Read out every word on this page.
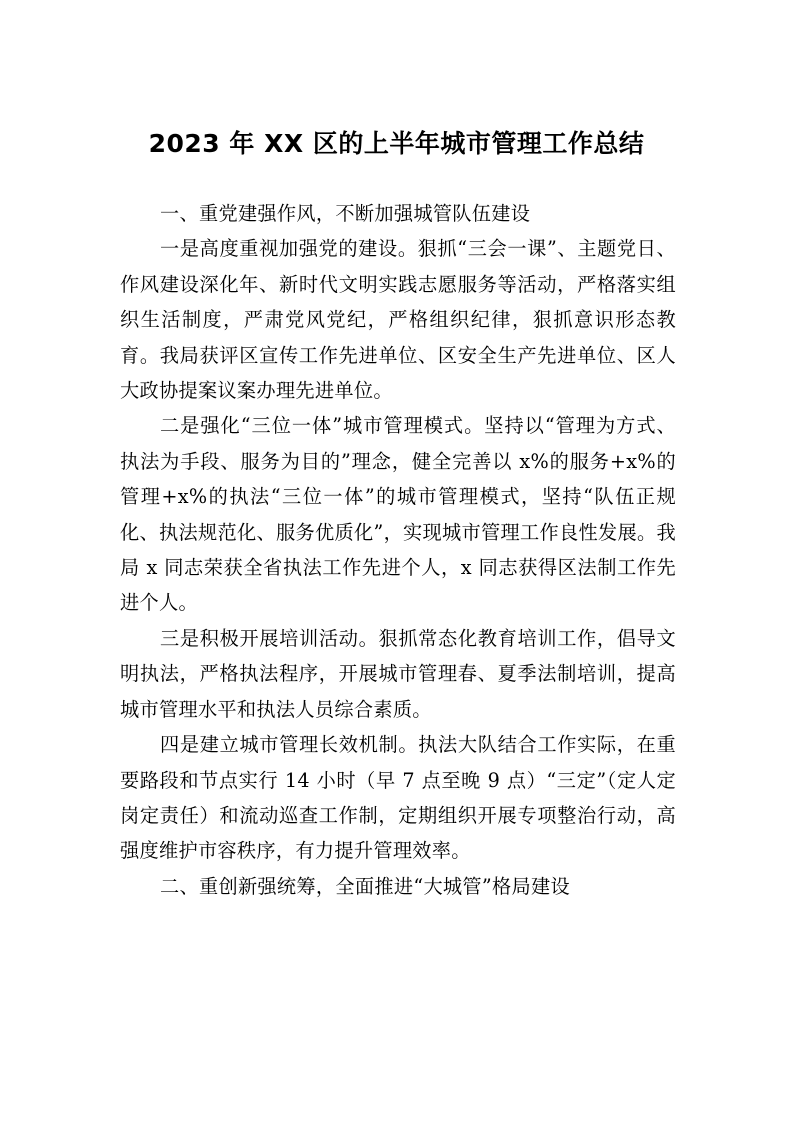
2023 年 XX 区的上半年城市管理工作总结

一、重党建强作风，不断加强城管队伍建设

一是高度重视加强党的建设。狠抓“三会一课”、主题党日、作风建设深化年、新时代文明实践志愿服务等活动，严格落实组织生活制度，严肃党风党纪，严格组织纪律，狠抓意识形态教育。我局获评区宣传工作先进单位、区安全生产先进单位、区人大政协提案议案办理先进单位。

二是强化“三位一体”城市管理模式。坚持以“管理为方式、执法为手段、服务为目的”理念，健全完善以 x%的服务+x%的管理+x%的执法“三位一体”的城市管理模式，坚持“队伍正规化、执法规范化、服务优质化”，实现城市管理工作良性发展。我局 x 同志荣获全省执法工作先进个人，x 同志获得区法制工作先进个人。

三是积极开展培训活动。狠抓常态化教育培训工作，倡导文明执法，严格执法程序，开展城市管理春、夏季法制培训，提高城市管理水平和执法人员综合素质。

四是建立城市管理长效机制。执法大队结合工作实际，在重要路段和节点实行 14 小时（早 7 点至晚 9 点）“三定”（定人定岗定责任）和流动巡查工作制，定期组织开展专项整治行动，高强度维护市容秩序，有力提升管理效率。

二、重创新强统筹，全面推进“大城管”格局建设
